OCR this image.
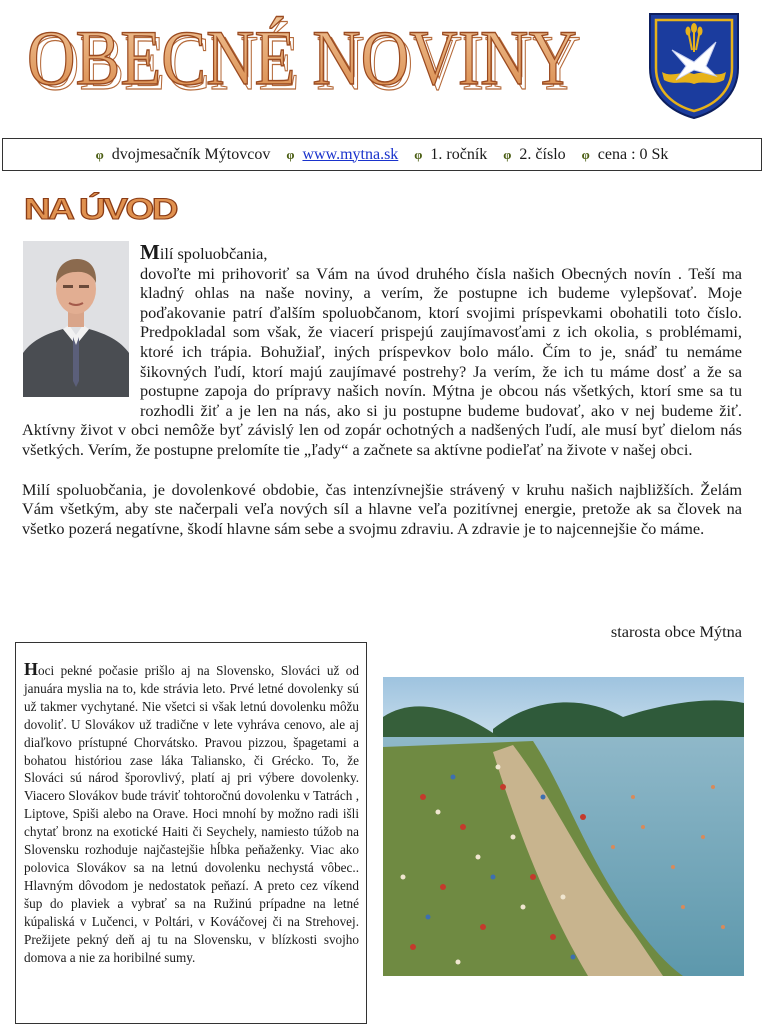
OBECNÉ NOVINY
OBECNÉ NOVINY
φ dvojmesačník Mýtovcov φ www.mytna.sk φ 1. ročník φ 2. číslo φ cena : 0 Sk
NA ÚVOD

Milí spoluobčania,
dovoľte mi prihovoriť sa Vám na úvod druhého čísla našich Obecných novín . Teší ma kladný ohlas na naše noviny, a verím, že postupne ich budeme vylepšovať. Moje poďakovanie patrí ďalším spoluobčanom, ktorí svojimi príspevkami obohatili toto číslo. Predpokladal som však, že viacerí prispejú zaujímavosťami z ich okolia, s problémami, ktoré ich trápia. Bohužiaľ, iných príspevkov bolo málo. Čím to je, snáď tu nemáme šikovných ľudí, ktorí majú zaujímavé postrehy? Ja verím, že ich tu máme dosť a že sa postupne zapoja do prípravy našich novín. Mýtna je obcou nás všetkých, ktorí sme sa tu rozhodli žiť a je len na nás, ako si ju postupne budeme budovať, ako v nej budeme žiť. Aktívny život v obci nemôže byť závislý len od zopár ochotných a nadšených ľudí, ale musí byť dielom nás všetkých. Verím, že postupne prelomíte tie „ľady“ a začnete sa aktívne podieľať na živote v našej obci.

Milí spoluobčania, je dovolenkové obdobie, čas intenzívnejšie strávený v kruhu našich najbližších. Želám Vám všetkým, aby ste načerpali veľa nových síl a hlavne veľa pozitívnej energie, pretože ak sa človek na všetko pozerá negatívne, škodí hlavne sám sebe a svojmu zdraviu. A zdravie je to najcennejšie čo máme.

starosta obce Mýtna
Hoci pekné počasie prišlo aj na Slovensko, Slováci už od januára myslia na to, kde strávia leto. Prvé letné dovolenky sú už takmer vychytané. Nie všetci si však letnú dovolenku môžu dovoliť. U Slovákov už tradične v lete vyhráva cenovo, ale aj diaľkovo prístupné Chorvátsko. Pravou pizzou, špagetami a bohatou históriou zase láka Taliansko, či Grécko. To, že Slováci sú národ šporovlivý, platí aj pri výbere dovolenky. Viacero Slovákov bude tráviť tohtoročnú dovolenku v Tatrách , Liptove, Spiši alebo na Orave. Hoci mnohí by možno radi išli chytať bronz na exotické Haiti či Seychely, namiesto túžob na Slovensku rozhoduje najčastejšie hĺbka peňaženky. Viac ako polovica Slovákov sa na letnú dovolenku nechystá vôbec.. Hlavným dôvodom je nedostatok peňazí. A preto cez víkend šup do plaviek a vybrať sa na Ružinú prípadne na letné kúpaliská v Lučenci, v Poltári, v Kováčovej či na Strehovej. Prežijete pekný deň aj tu na Slovensku, v blízkosti svojho domova a nie za horibilné sumy.
